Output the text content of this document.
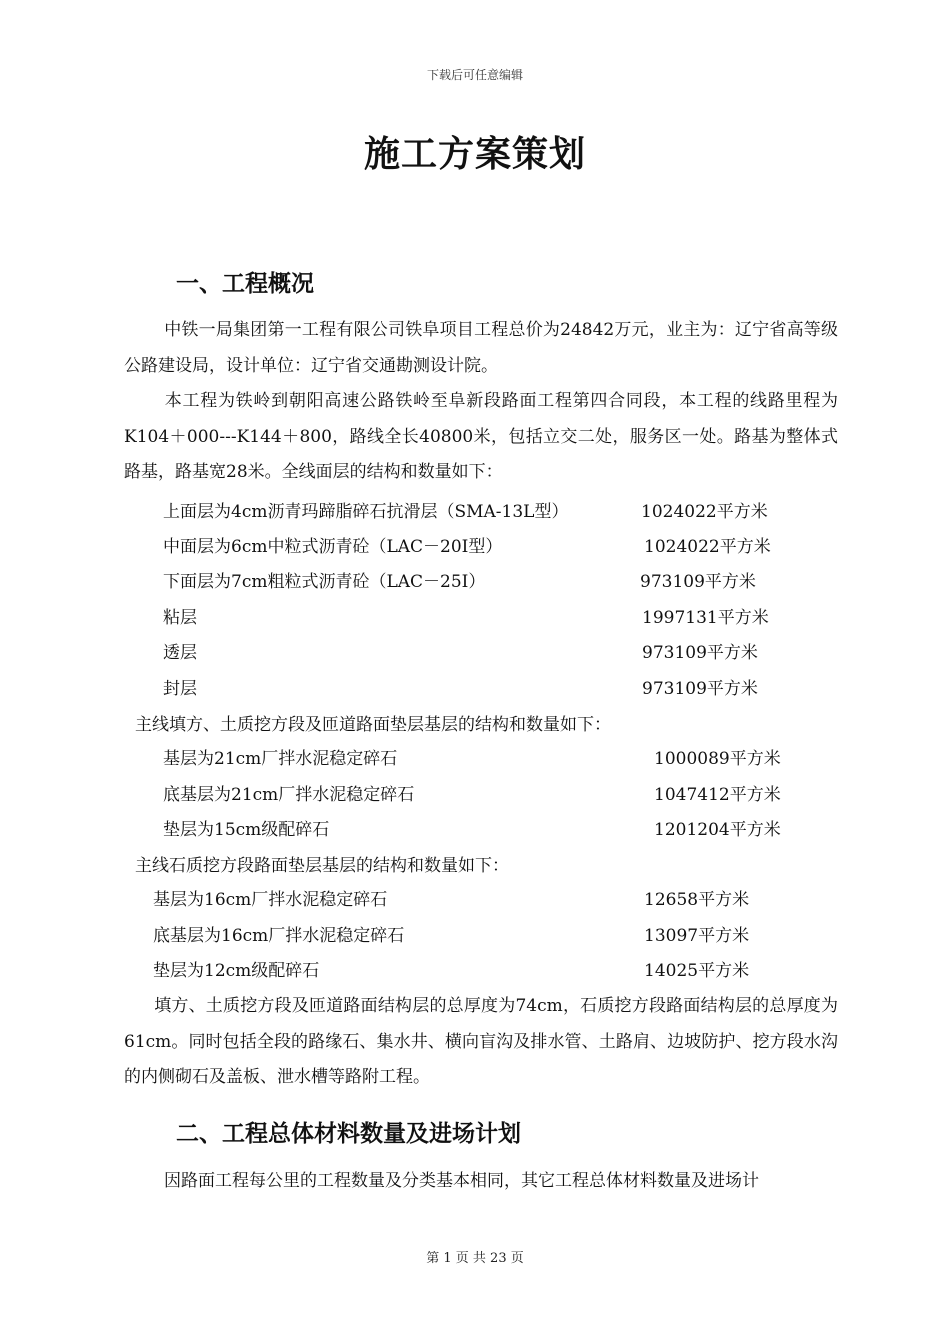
下载后可任意编辑
施工方案策划
一、工程概况
中铁一局集团第一工程有限公司铁阜项目工程总价为24842万元，业主为：辽宁省高等级公路建设局，设计单位：辽宁省交通勘测设计院。
本工程为铁岭到朝阳高速公路铁岭至阜新段路面工程第四合同段，本工程的线路里程为K104＋000---K144＋800，路线全长40800米，包括立交二处，服务区一处。路基为整体式路基，路基宽28米。全线面层的结构和数量如下：
上面层为4cm沥青玛蹄脂碎石抗滑层（SMA-13L型）	1024022平方米
中面层为6cm中粒式沥青砼（LAC－20I型）	1024022平方米
下面层为7cm粗粒式沥青砼（LAC－25I）	973109平方米
粘层	1997131平方米
透层	973109平方米
封层	973109平方米
主线填方、土质挖方段及匝道路面垫层基层的结构和数量如下：
基层为21cm厂拌水泥稳定碎石	1000089平方米
底基层为21cm厂拌水泥稳定碎石	1047412平方米
垫层为15cm级配碎石	1201204平方米
主线石质挖方段路面垫层基层的结构和数量如下：
基层为16cm厂拌水泥稳定碎石	12658平方米
底基层为16cm厂拌水泥稳定碎石	13097平方米
垫层为12cm级配碎石	14025平方米
填方、土质挖方段及匝道路面结构层的总厚度为74cm，石质挖方段路面结构层的总厚度为61cm。同时包括全段的路缘石、集水井、横向盲沟及排水管、土路肩、边坡防护、挖方段水沟的内侧砌石及盖板、泄水槽等路附工程。
二、工程总体材料数量及进场计划
因路面工程每公里的工程数量及分类基本相同，其它工程总体材料数量及进场计
第 1 页 共 23 页
